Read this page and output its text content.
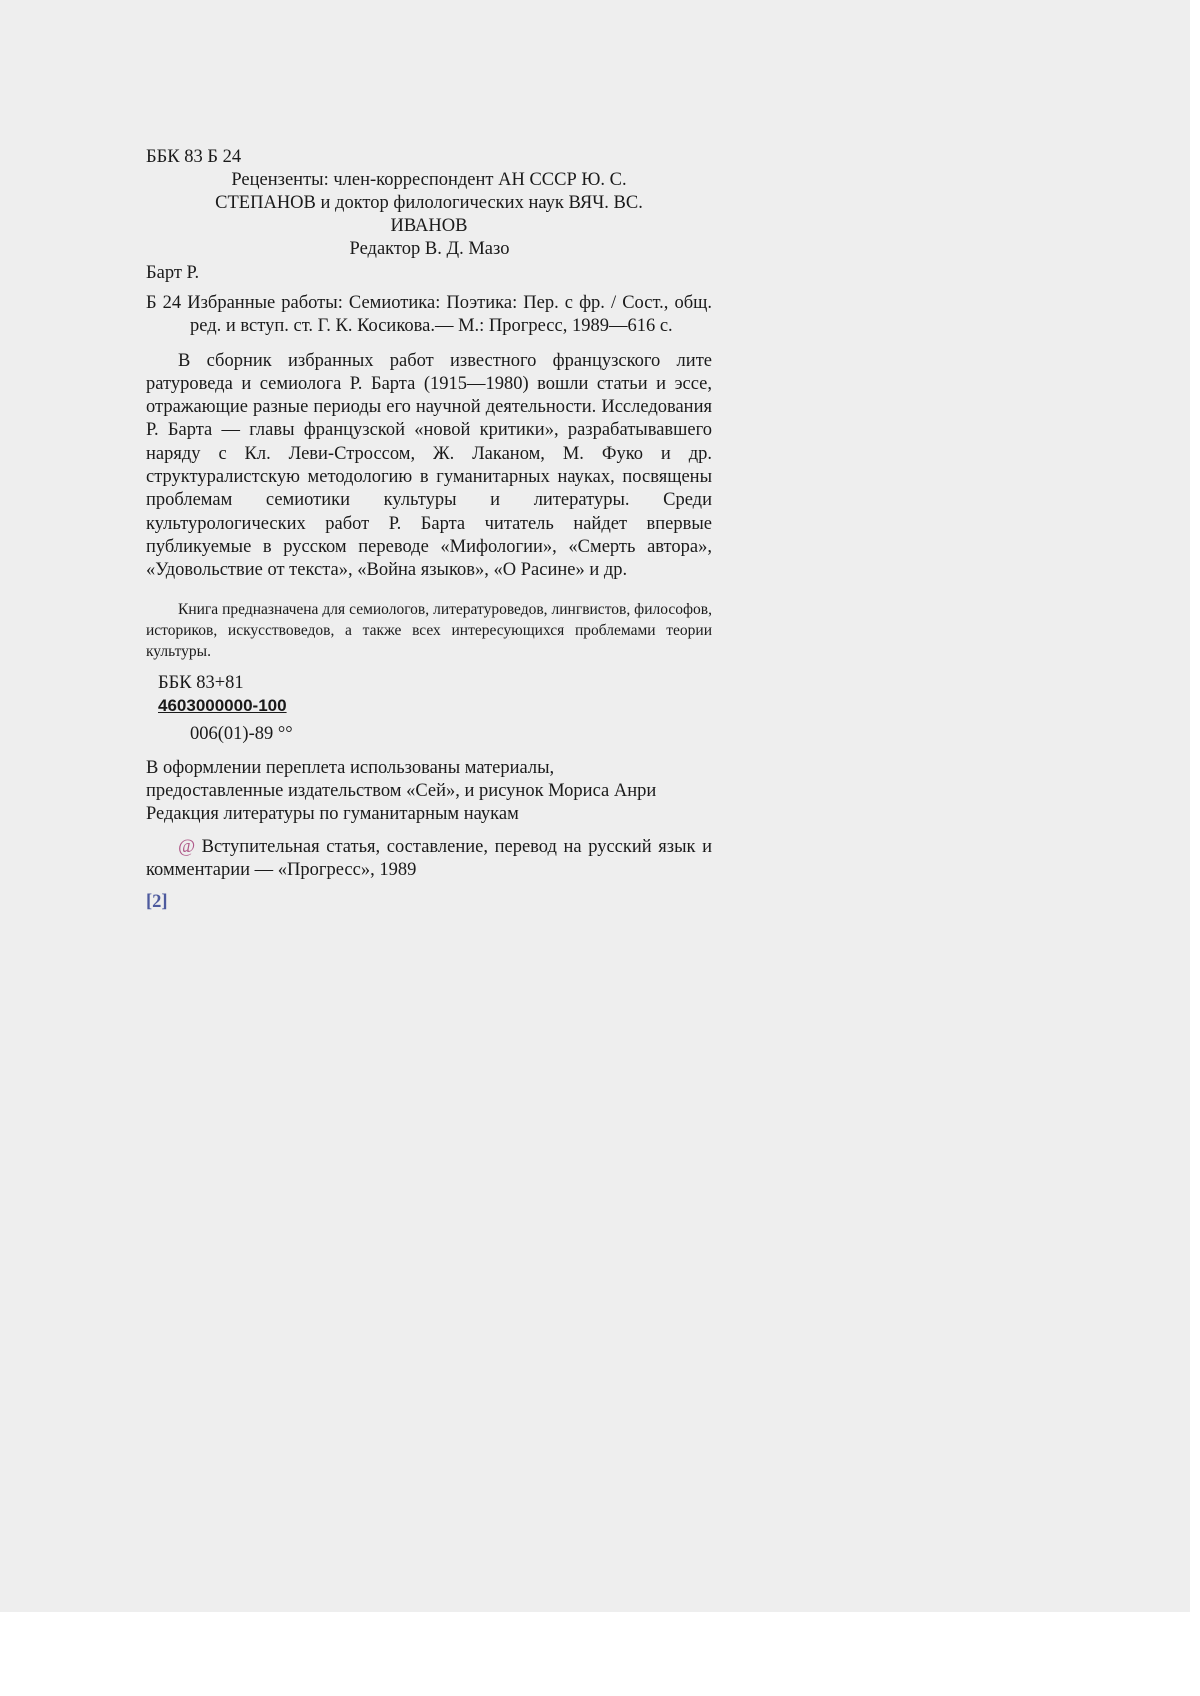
ББК 83 Б 24
Рецензенты: член-корреспондент АН СССР Ю. С.
СТЕПАНОВ и доктор филологических наук ВЯЧ. ВС.
ИВАНОВ
Редактор В. Д. Мазо
Барт Р.
Б 24 Избранные работы: Семиотика: Поэтика: Пер. с фр. / Сост., общ. ред. и вступ. ст. Г. К. Косикова.— М.: Прогресс, 1989—616 с.
В сборник избранных работ известного французского лите ратуроведа и семиолога Р. Барта (1915—1980) вошли статьи и эссе, отражающие разные периоды его научной деятельности. Исследования Р. Барта — главы французской «новой критики», разрабатывавшего наряду с Кл. Леви-Строссом, Ж. Лаканом, М. Фуко и др. структуралистскую методологию в гуманитарных науках, посвящены проблемам семиотики культуры и литературы. Среди культурологических работ Р. Барта читатель найдет впервые публикуемые в русском переводе «Мифологии», «Смерть автора», «Удовольствие от текста», «Война языков», «О Расине» и др.
Книга предназначена для семиологов, литературоведов, лингвистов, философов, историков, искусствоведов, а также всех интересующихся проблемами теории культуры.
ББК 83+81
4603000000-100
006(01)-89 °°
В оформлении переплета использованы материалы,
предоставленные издательством «Сей», и рисунок Мориса Анри
Редакция литературы по гуманитарным наукам
@ Вступительная статья, составление, перевод на русский язык и комментарии — «Прогресс», 1989
[2]
